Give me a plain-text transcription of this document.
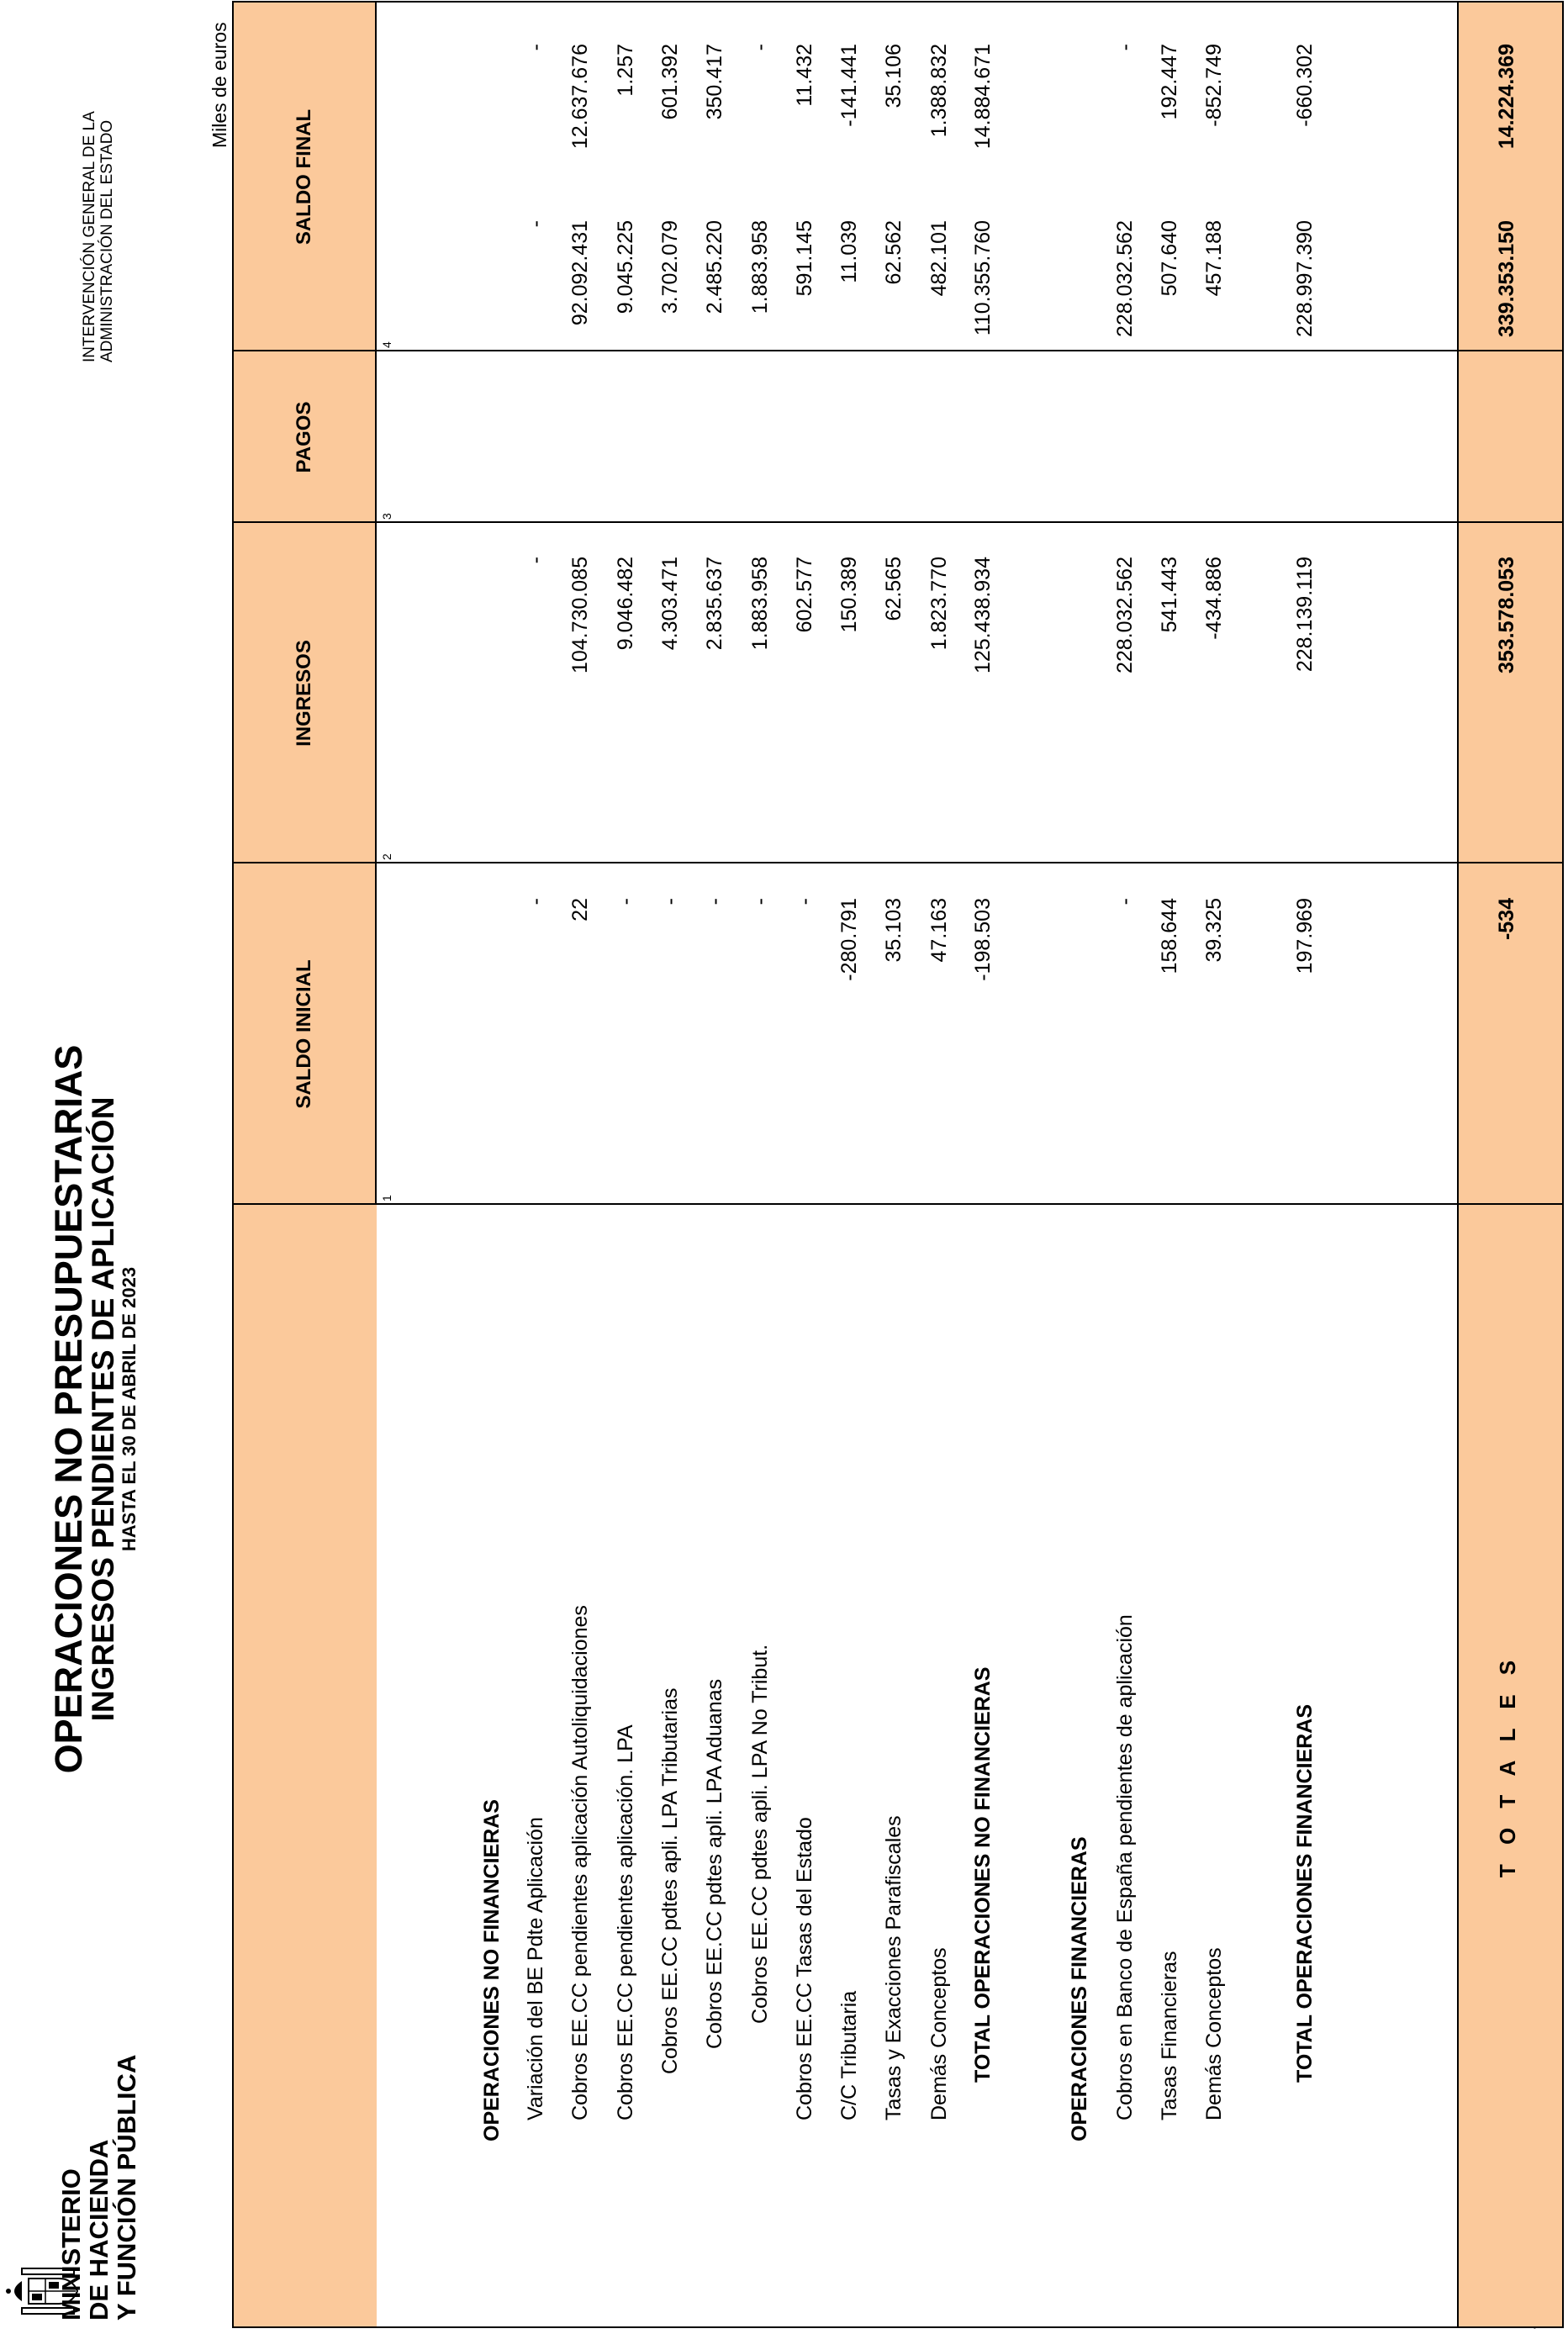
MINISTERIO
DE HACIENDA
Y FUNCIÓN PÚBLICA
OPERACIONES NO PRESUPUESTARIAS
INGRESOS PENDIENTES DE APLICACIÓN
HASTA EL 30 DE ABRIL DE 2023
INTERVENCIÓN GENERAL DE LA ADMINISTRACIÓN DEL ESTADO
Miles de euros
SALDO INICIAL
INGRESOS
PAGOS
SALDO FINAL
1
2
3
4
OPERACIONES NO FINANCIERAS Variación del BE Pdte Aplicación
-
-
-
-
Cobros EE.CC pendientes aplicación Autoliquidaciones
22
104.730.085
92.092.431
12.637.676
Cobros EE.CC pendientes aplicación. LPA
-
9.046.482
9.045.225
1.257
Cobros EE.CC pdtes apli. LPA Tributarias
-
4.303.471
3.702.079
601.392
Cobros EE.CC pdtes apli. LPA Aduanas
-
2.835.637
2.485.220
350.417
Cobros EE.CC pdtes apli. LPA No Tribut.
-
1.883.958
1.883.958
-
Cobros EE.CC Tasas del Estado
-
602.577
591.145
11.432
C/C Tributaria
-280.791
150.389
11.039
-141.441
Tasas y Exacciones Parafiscales
35.103
62.565
62.562
35.106
Demás Conceptos
47.163
1.823.770
482.101
1.388.832
TOTAL OPERACIONES NO FINANCIERAS
-198.503
125.438.934
110.355.760
14.884.671
OPERACIONES FINANCIERAS Cobros en Banco de España pendientes de aplicación
-
228.032.562
228.032.562
-
Tasas Financieras
158.644
541.443
507.640
192.447
Demás Conceptos
39.325
-434.886
457.188
-852.749
TOTAL OPERACIONES FINANCIERAS
197.969
228.139.119
228.997.390
-660.302
T O T A L E S
-534
353.578.053
339.353.150
14.224.369
